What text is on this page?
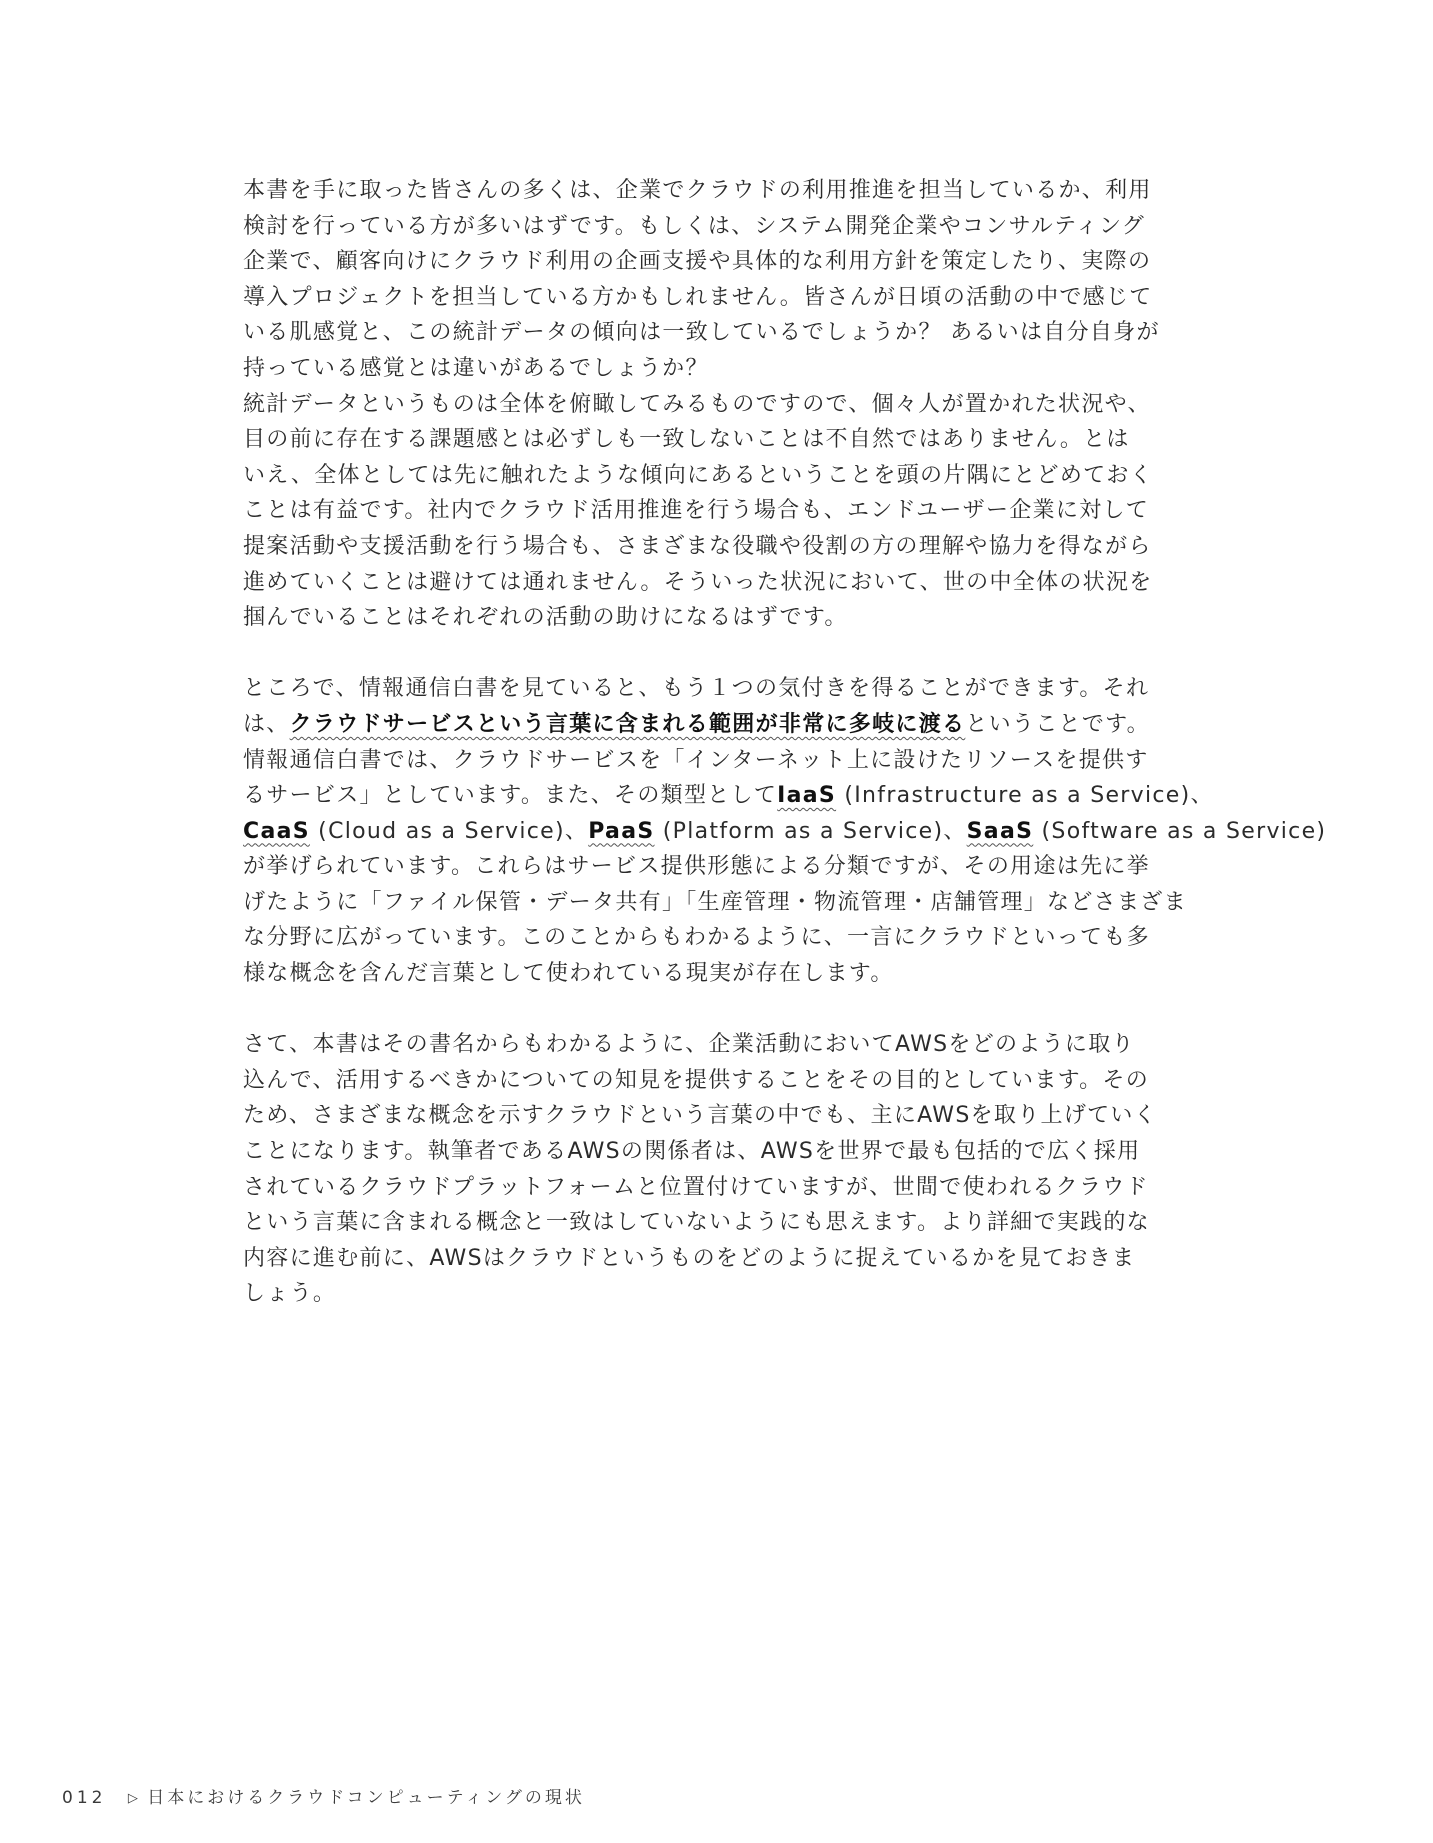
本書を手に取った皆さんの多くは、企業でクラウドの利用推進を担当しているか、利用
検討を行っている方が多いはずです。もしくは、システム開発企業やコンサルティング
企業で、顧客向けにクラウド利用の企画支援や具体的な利用方針を策定したり、実際の
導入プロジェクトを担当している方かもしれません。皆さんが日頃の活動の中で感じて
いる肌感覚と、この統計データの傾向は一致しているでしょうか？ あるいは自分自身が
持っている感覚とは違いがあるでしょうか？
統計データというものは全体を俯瞰してみるものですので、個々人が置かれた状況や、
目の前に存在する課題感とは必ずしも一致しないことは不自然ではありません。とは
いえ、全体としては先に触れたような傾向にあるということを頭の片隅にとどめておく
ことは有益です。社内でクラウド活用推進を行う場合も、エンドユーザー企業に対して
提案活動や支援活動を行う場合も、さまざまな役職や役割の方の理解や協力を得ながら
進めていくことは避けては通れません。そういった状況において、世の中全体の状況を
掴んでいることはそれぞれの活動の助けになるはずです。
ところで、情報通信白書を見ていると、もう１つの気付きを得ることができます。それ
は、クラウドサービスという言葉に含まれる範囲が非常に多岐に渡るということです。
情報通信白書では、クラウドサービスを「インターネット上に設けたリソースを提供す
るサービス」としています。また、その類型としてIaaS (Infrastructure as a Service)、
CaaS (Cloud as a Service)、PaaS (Platform as a Service)、SaaS (Software as a Service)
が挙げられています。これらはサービス提供形態による分類ですが、その用途は先に挙
げたように「ファイル保管・データ共有」「生産管理・物流管理・店舗管理」などさまざま
な分野に広がっています。このことからもわかるように、一言にクラウドといっても多
様な概念を含んだ言葉として使われている現実が存在します。
さて、本書はその書名からもわかるように、企業活動においてAWSをどのように取り
込んで、活用するべきかについての知見を提供することをその目的としています。その
ため、さまざまな概念を示すクラウドという言葉の中でも、主にAWSを取り上げていく
ことになります。執筆者であるAWSの関係者は、AWSを世界で最も包括的で広く採用
されているクラウドプラットフォームと位置付けていますが、世間で使われるクラウド
という言葉に含まれる概念と一致はしていないようにも思えます。より詳細で実践的な
内容に進む前に、AWSはクラウドというものをどのように捉えているかを見ておきま
しょう。
012 ▷ 日本におけるクラウドコンピューティングの現状
